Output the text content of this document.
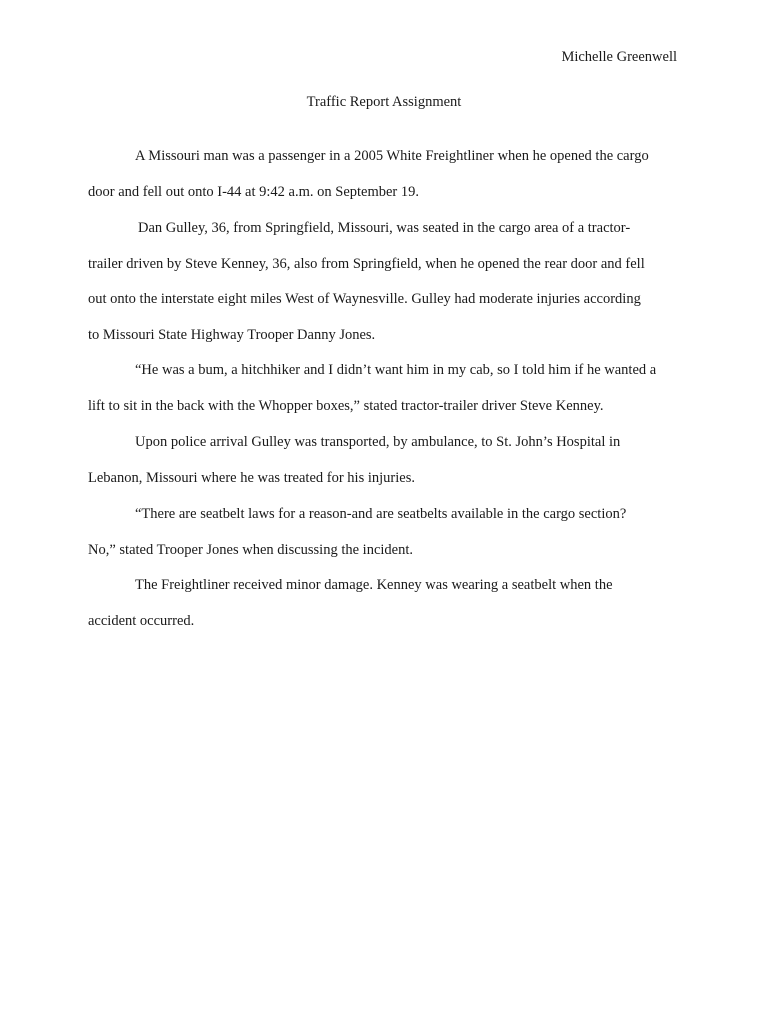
Michelle Greenwell
Traffic Report Assignment
A Missouri man was a passenger in a 2005 White Freightliner when he opened the cargo
door and fell out onto I-44 at 9:42 a.m. on September 19.
Dan Gulley, 36, from Springfield, Missouri, was seated in the cargo area of a tractor-
trailer driven by Steve Kenney, 36, also from Springfield, when he opened the rear door and fell
out onto the interstate eight miles West of Waynesville. Gulley had moderate injuries according
to Missouri State Highway Trooper Danny Jones.
“He was a bum, a hitchhiker and I didn’t want him in my cab, so I told him if he wanted a
lift to sit in the back with the Whopper boxes,” stated tractor-trailer driver Steve Kenney.
Upon police arrival Gulley was transported, by ambulance, to St. John’s Hospital in
Lebanon, Missouri where he was treated for his injuries.
“There are seatbelt laws for a reason-and are seatbelts available in the cargo section?
No,” stated Trooper Jones when discussing the incident.
The Freightliner received minor damage. Kenney was wearing a seatbelt when the
accident occurred.
